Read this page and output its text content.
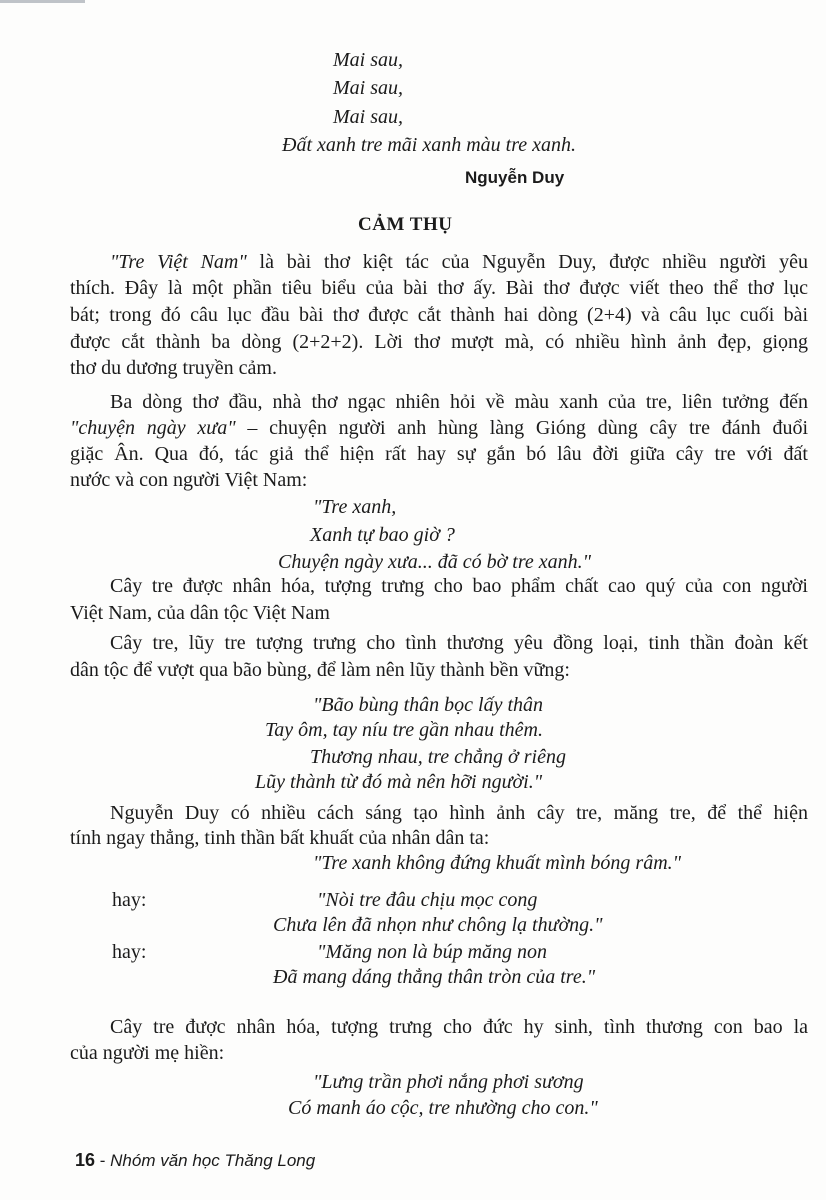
Mai sau,
Mai sau,
Mai sau,
Đất xanh tre mãi xanh màu tre xanh.
Nguyễn Duy
CẢM THỤ
"Tre Việt Nam" là bài thơ kiệt tác của Nguyễn Duy, được nhiều người yêu
thích. Đây là một phần tiêu biểu của bài thơ ấy. Bài thơ được viết theo thể thơ lục
bát; trong đó câu lục đầu bài thơ được cắt thành hai dòng (2+4) và câu lục cuối bài
được cắt thành ba dòng (2+2+2). Lời thơ mượt mà, có nhiều hình ảnh đẹp, giọng
thơ du dương truyền cảm.
Ba dòng thơ đầu, nhà thơ ngạc nhiên hỏi về màu xanh của tre, liên tưởng đến
"chuyện ngày xưa" – chuyện người anh hùng làng Gióng dùng cây tre đánh đuổi
giặc Ân. Qua đó, tác giả thể hiện rất hay sự gắn bó lâu đời giữa cây tre với đất
nước và con người Việt Nam:
"Tre xanh,
Xanh tự bao giờ ?
Chuyện ngày xưa... đã có bờ tre xanh."
Cây tre được nhân hóa, tượng trưng cho bao phẩm chất cao quý của con người
Việt Nam, của dân tộc Việt Nam
Cây tre, lũy tre tượng trưng cho tình thương yêu đồng loại, tinh thần đoàn kết
dân tộc để vượt qua bão bùng, để làm nên lũy thành bền vững:
"Bão bùng thân bọc lấy thân
Tay ôm, tay níu tre gần nhau thêm.
Thương nhau, tre chẳng ở riêng
Lũy thành từ đó mà nên hỡi người."
Nguyễn Duy có nhiều cách sáng tạo hình ảnh cây tre, măng tre, để thể hiện
tính ngay thẳng, tinh thần bất khuất của nhân dân ta:
"Tre xanh không đứng khuất mình bóng râm."
hay:	"Nòi tre đâu chịu mọc cong
Chưa lên đã nhọn như chông lạ thường."
hay:	"Măng non là búp măng non
Đã mang dáng thẳng thân tròn của tre."
Cây tre được nhân hóa, tượng trưng cho đức hy sinh, tình thương con bao la
của người mẹ hiền:
"Lưng trần phơi nắng phơi sương
Có manh áo cộc, tre nhường cho con."
16 - Nhóm văn học Thăng Long
